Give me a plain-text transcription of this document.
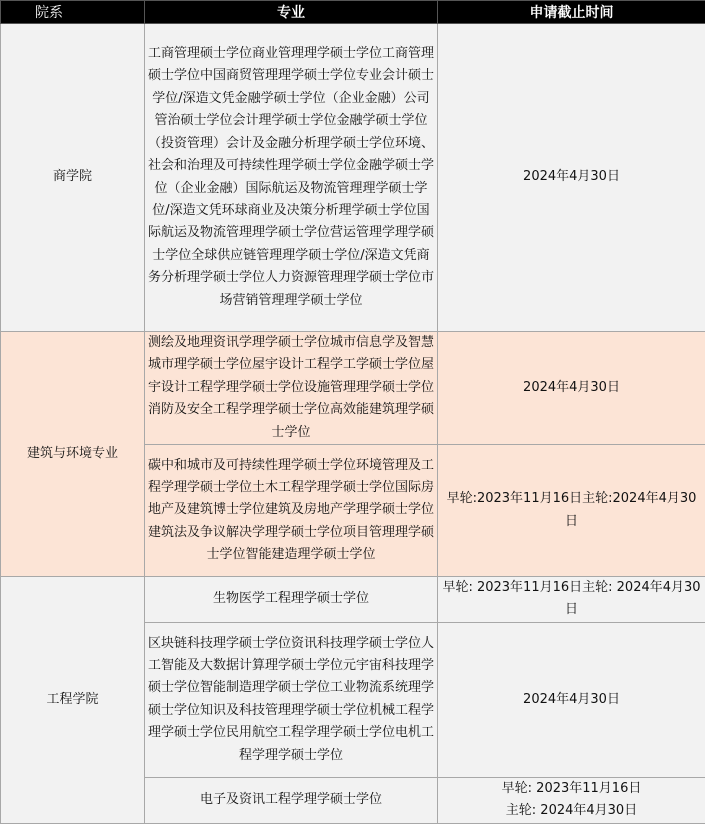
院系	专业	申请截止时间
商学院	工商管理硕士学位商业管理理学硕士学位工商管理硕士学位中国商贸管理理学硕士学位专业会计硕士学位/深造文凭金融学硕士学位（企业金融）公司管治硕士学位会计理学硕士学位金融学硕士学位（投资管理）会计及金融分析理学硕士学位环境、社会和治理及可持续性理学硕士学位金融学硕士学位（企业金融）国际航运及物流管理理学硕士学位/深造文凭环球商业及决策分析理学硕士学位国际航运及物流管理理学硕士学位营运管理学理学硕士学位全球供应链管理理学硕士学位/深造文凭商务分析理学硕士学位人力资源管理理学硕士学位市场营销管理理学硕士学位	2024年4月30日
建筑与环境专业	测绘及地理资讯学理学硕士学位城市信息学及智慧城市理学硕士学位屋宇设计工程学工学硕士学位屋宇设计工程学理学硕士学位设施管理理学硕士学位消防及安全工程学理学硕士学位高效能建筑理学硕士学位	2024年4月30日
	碳中和城市及可持续性理学硕士学位环境管理及工程学理学硕士学位土木工程学理学硕士学位国际房地产及建筑博士学位建筑及房地产学理学硕士学位建筑法及争议解决学理学硕士学位项目管理理学硕士学位智能建造理学硕士学位	早轮:2023年11月16日主轮:2024年4月30日
工程学院	生物医学工程理学硕士学位	早轮: 2023年11月16日主轮: 2024年4月30日
	区块链科技理学硕士学位资讯科技理学硕士学位人工智能及大数据计算理学硕士学位元宇宙科技理学硕士学位智能制造理学硕士学位工业物流系统理学硕士学位知识及科技管理理学硕士学位机械工程学理学硕士学位民用航空工程学理学硕士学位电机工程学理学硕士学位	2024年4月30日
	电子及资讯工程学理学硕士学位	早轮: 2023年11月16日
主轮: 2024年4月30日
